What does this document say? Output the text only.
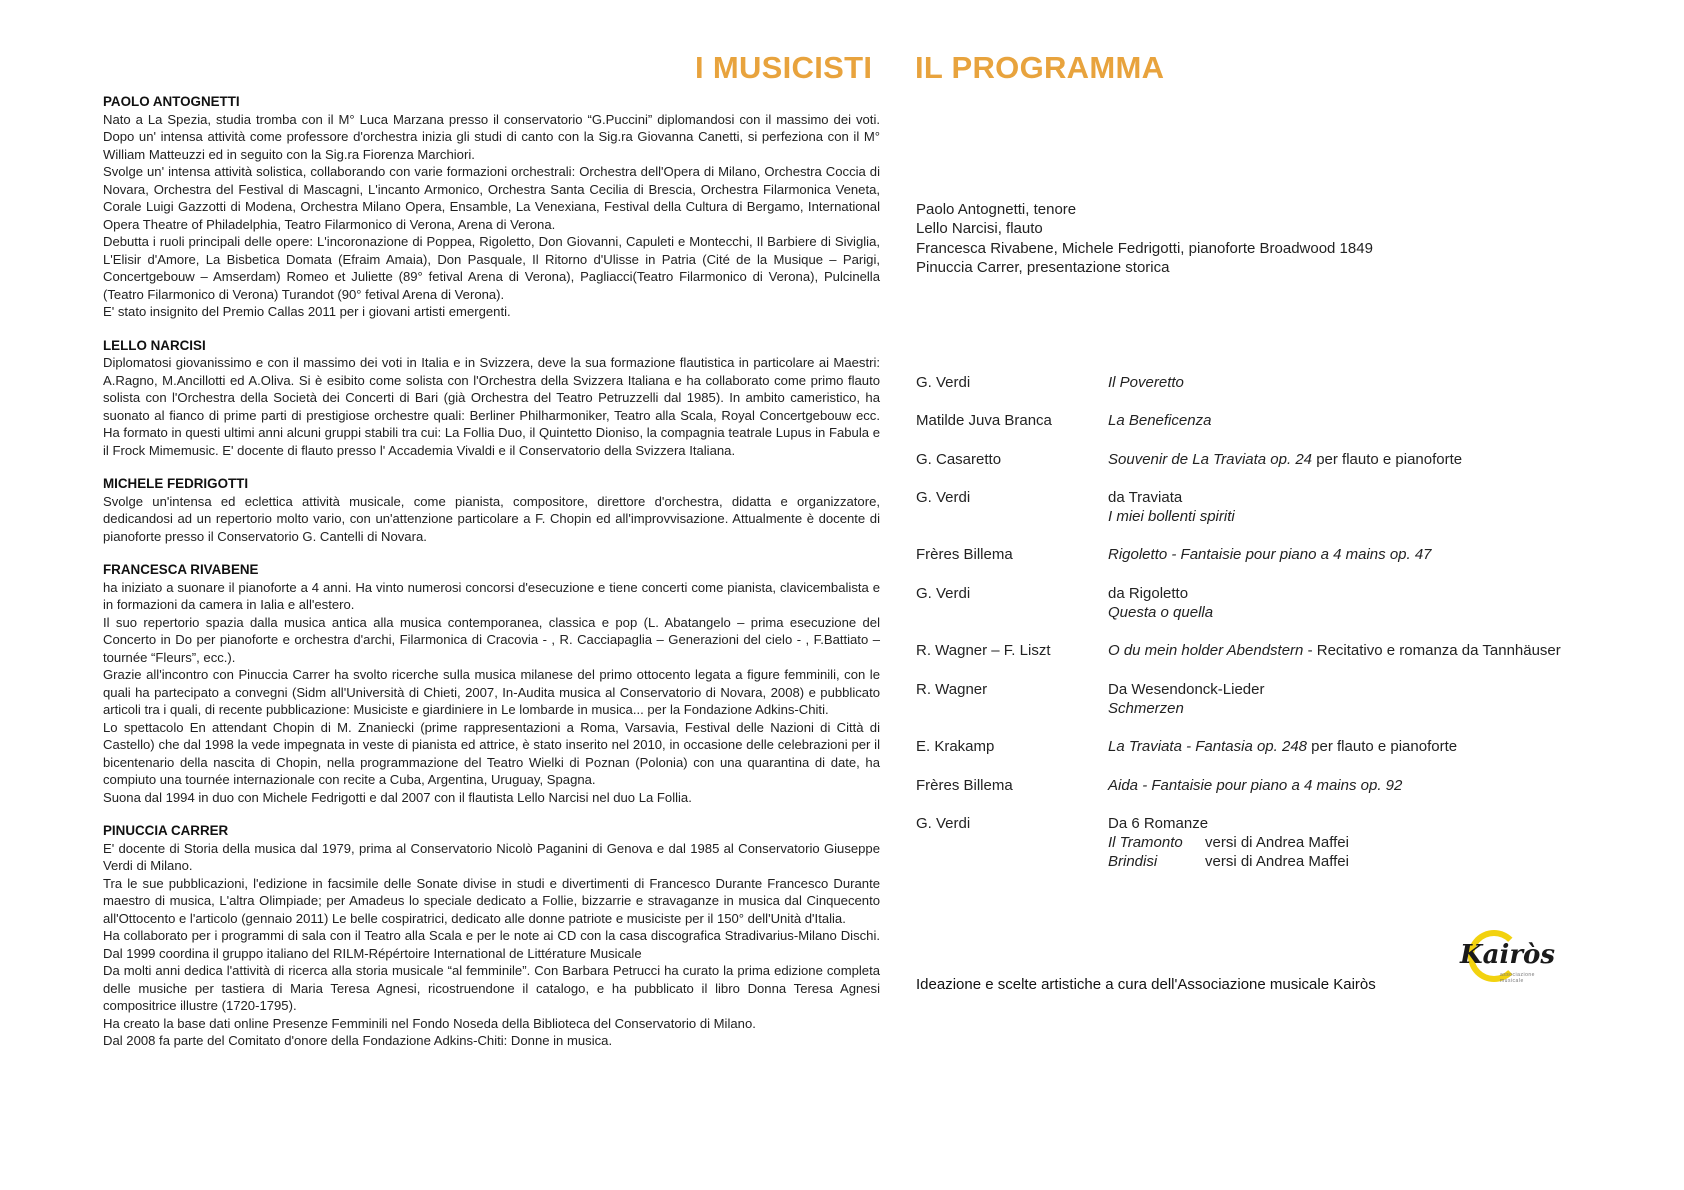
I MUSICISTI IL PROGRAMMA
PAOLO ANTOGNETTI

Nato a La Spezia, studia tromba con il M° Luca Marzana presso il conservatorio “G.Puccini” diplomandosi con il massimo dei voti. Dopo un' intensa attività come professore d'orchestra inizia gli studi di canto con la Sig.ra Giovanna Canetti, si perfeziona con il M° William Matteuzzi ed in seguito con la Sig.ra Fiorenza Marchiori.
Svolge un' intensa attività solistica, collaborando con varie formazioni orchestrali: Orchestra dell'Opera di Milano, Orchestra Coccia di Novara, Orchestra del Festival di Mascagni, L'incanto Armonico, Orchestra Santa Cecilia di Brescia, Orchestra Filarmonica Veneta, Corale Luigi Gazzotti di Modena, Orchestra Milano Opera, Ensamble, La Venexiana, Festival della Cultura di Bergamo, International Opera Theatre of Philadelphia, Teatro Filarmonico di Verona, Arena di Verona.
Debutta i ruoli principali delle opere: L'incoronazione di Poppea, Rigoletto, Don Giovanni, Capuleti e Montecchi, Il Barbiere di Siviglia, L'Elisir d'Amore, La Bisbetica Domata (Efraim Amaia), Don Pasquale, Il Ritorno d'Ulisse in Patria (Cité de la Musique – Parigi, Concertgebouw – Amserdam) Romeo et Juliette (89° fetival Arena di Verona), Pagliacci(Teatro Filarmonico di Verona), Pulcinella (Teatro Filarmonico di Verona) Turandot (90° fetival Arena di Verona).
E' stato insignito del Premio Callas 2011 per i giovani artisti emergenti.

LELLO NARCISI

Diplomatosi giovanissimo e con il massimo dei voti in Italia e in Svizzera, deve la sua formazione flautistica in particolare ai Maestri: A.Ragno, M.Ancillotti ed A.Oliva. Si è esibito come solista con l'Orchestra della Svizzera Italiana e ha collaborato come primo flauto solista con l'Orchestra della Società dei Concerti di Bari (già Orchestra del Teatro Petruzzelli dal 1985). In ambito cameristico, ha suonato al fianco di prime parti di prestigiose orchestre quali: Berliner Philharmoniker, Teatro alla Scala, Royal Concertgebouw ecc. Ha formato in questi ultimi anni alcuni gruppi stabili tra cui: La Follia Duo, il Quintetto Dioniso, la compagnia teatrale Lupus in Fabula e il Frock Mimemusic. E' docente di flauto presso l' Accademia Vivaldi e il Conservatorio della Svizzera Italiana.

MICHELE FEDRIGOTTI

Svolge un'intensa ed eclettica attività musicale, come pianista, compositore, direttore d'orchestra, didatta e organizzatore, dedicandosi ad un repertorio molto vario, con un'attenzione particolare a F. Chopin ed all'improvvisazione. Attualmente è docente di pianoforte presso il Conservatorio G. Cantelli di Novara.

FRANCESCA RIVABENE

ha iniziato a suonare il pianoforte a 4 anni. Ha vinto numerosi concorsi d'esecuzione e tiene concerti come pianista, clavicembalista e in formazioni da camera in Ialia e all'estero.
Il suo repertorio spazia dalla musica antica alla musica contemporanea, classica e pop (L. Abatangelo – prima esecuzione del Concerto in Do per pianoforte e orchestra d'archi, Filarmonica di Cracovia - , R. Cacciapaglia – Generazioni del cielo - , F.Battiato – tournée “Fleurs”, ecc.).
Grazie all'incontro con Pinuccia Carrer ha svolto ricerche sulla musica milanese del primo ottocento legata a figure femminili, con le quali ha partecipato a convegni (Sidm all'Università di Chieti, 2007, In-Audita musica al Conservatorio di Novara, 2008) e pubblicato articoli tra i quali, di recente pubblicazione: Musiciste e giardiniere in Le lombarde in musica... per la Fondazione Adkins-Chiti.
Lo spettacolo En attendant Chopin di M. Znaniecki (prime rappresentazioni a Roma, Varsavia, Festival delle Nazioni di Città di Castello) che dal 1998 la vede impegnata in veste di pianista ed attrice, è stato inserito nel 2010, in occasione delle celebrazioni per il bicentenario della nascita di Chopin, nella programmazione del Teatro Wielki di Poznan (Polonia) con una quarantina di date, ha compiuto una tournée internazionale con recite a Cuba, Argentina, Uruguay, Spagna.
Suona dal 1994 in duo con Michele Fedrigotti e dal 2007 con il flautista Lello Narcisi nel duo La Follia.

PINUCCIA CARRER

E' docente di Storia della musica dal 1979, prima al Conservatorio Nicolò Paganini di Genova e dal 1985 al Conservatorio Giuseppe Verdi di Milano.
Tra le sue pubblicazioni, l'edizione in facsimile delle Sonate divise in studi e divertimenti di Francesco Durante Francesco Durante maestro di musica, L'altra Olimpiade; per Amadeus lo speciale dedicato a Follie, bizzarrie e stravaganze in musica dal Cinquecento all'Ottocento e l'articolo (gennaio 2011) Le belle cospiratrici, dedicato alle donne patriote e musiciste per il 150° dell'Unità d'Italia.
Ha collaborato per i programmi di sala con il Teatro alla Scala e per le note ai CD con la casa discografica Stradivarius-Milano Dischi. Dal 1999 coordina il gruppo italiano del RILM-Répértoire International de Littérature Musicale
Da molti anni dedica l'attività di ricerca alla storia musicale “al femminile”. Con Barbara Petrucci ha curato la prima edizione completa delle musiche per tastiera di Maria Teresa Agnesi, ricostruendone il catalogo, e ha pubblicato il libro Donna Teresa Agnesi compositrice illustre (1720-1795).
Ha creato la base dati online Presenze Femminili nel Fondo Noseda della Biblioteca del Conservatorio di Milano.
Dal 2008 fa parte del Comitato d'onore della Fondazione Adkins-Chiti: Donne in musica.

Paolo Antognetti, tenore
Lello Narcisi, flauto
Francesca Rivabene, Michele Fedrigotti, pianoforte Broadwood 1849
Pinuccia Carrer, presentazione storica
G. Verdi	Il Poveretto
Matilde Juva Branca	La Beneficenza
G. Casaretto	Souvenir de La Traviata op. 24 per flauto e pianoforte
G. Verdi	da Traviata
I miei bollenti spiriti
Frères Billema	Rigoletto - Fantaisie pour piano a 4 mains op. 47
G. Verdi	da Rigoletto
Questa o quella
R. Wagner – F. Liszt	O du mein holder Abendstern - Recitativo e romanza da Tannhäuser
R. Wagner	Da Wesendonck-Lieder
Schmerzen
E. Krakamp	La Traviata - Fantasia op. 248 per flauto e pianoforte
Frères Billema	Aida - Fantaisie pour piano a 4 mains op. 92
G. Verdi	Da 6 Romanze
Il Tramonto versi di Andrea Maffei
Brindisi	versi di Andrea Maffei
Ideazione e scelte artistiche a cura dell'Associazione musicale Kairòs
Kairòs
associazione musicale
